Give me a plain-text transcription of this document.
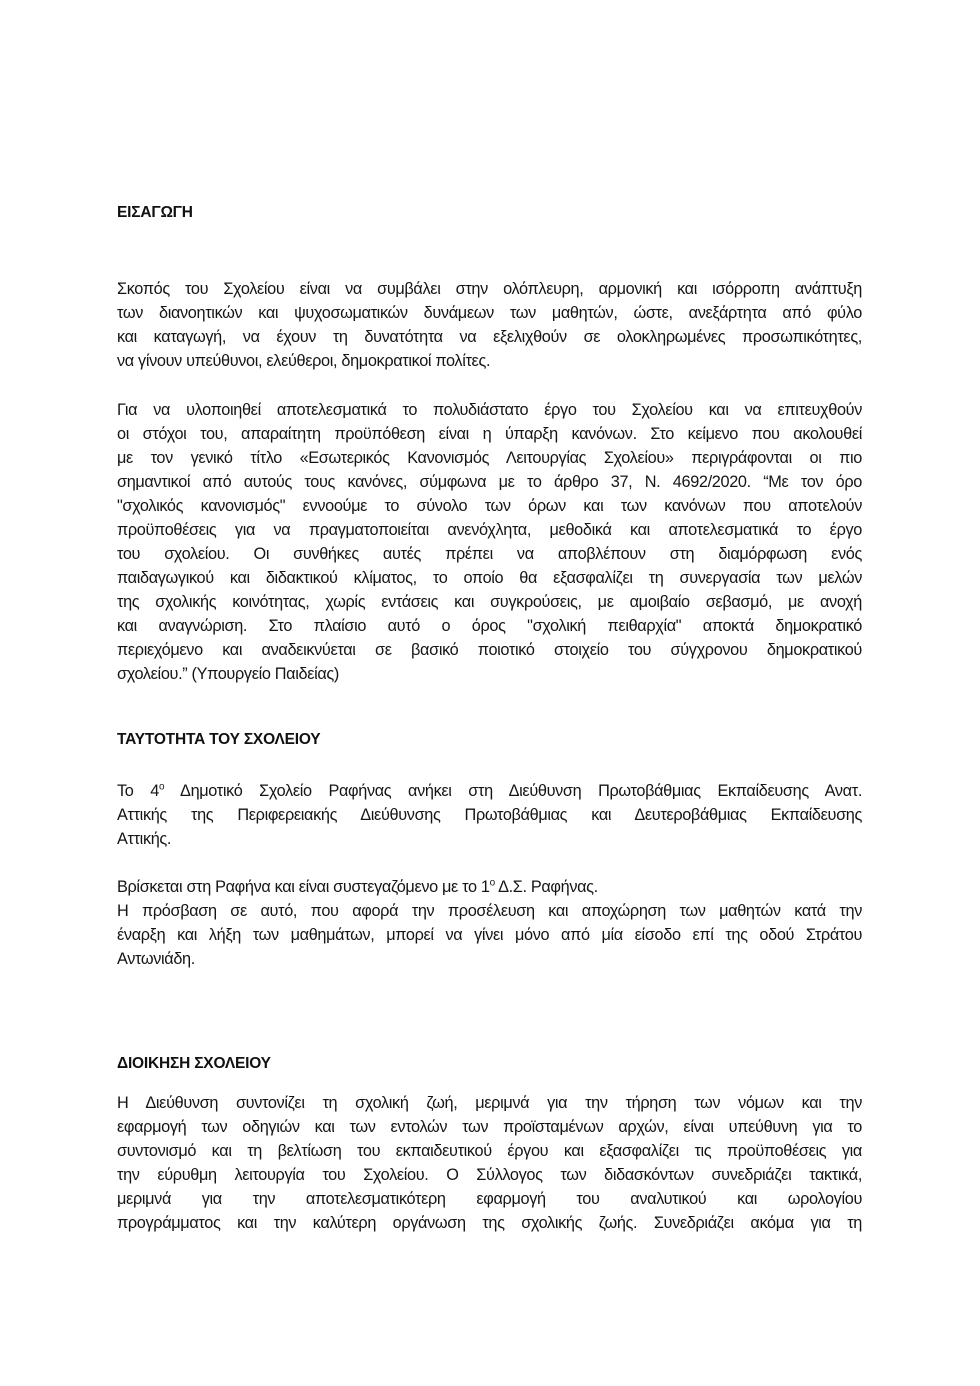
ΕΙΣΑΓΩΓΗ
Σκοπός του Σχολείου είναι να συμβάλει στην ολόπλευρη, αρμονική και ισόρροπη ανάπτυξη
των διανοητικών και ψυχοσωματικών δυνάμεων των μαθητών, ώστε, ανεξάρτητα από φύλο
και καταγωγή, να έχουν τη δυνατότητα να εξελιχθούν σε ολοκληρωμένες προσωπικότητες,
να γίνουν υπεύθυνοι, ελεύθεροι, δημοκρατικοί πολίτες.
Για να υλοποιηθεί αποτελεσματικά το πολυδιάστατο έργο του Σχολείου και να επιτευχθούν
οι στόχοι του, απαραίτητη προϋπόθεση είναι η ύπαρξη κανόνων. Στο κείμενο που ακολουθεί
με τον γενικό τίτλο «Εσωτερικός Κανονισμός Λειτουργίας Σχολείου» περιγράφονται οι πιο
σημαντικοί από αυτούς τους κανόνες, σύμφωνα με το άρθρο 37, Ν. 4692/2020. “Με τον όρο
"σχολικός κανονισμός" εννοούμε το σύνολο των όρων και των κανόνων που αποτελούν
προϋποθέσεις για να πραγματοποιείται ανενόχλητα, μεθοδικά και αποτελεσματικά το έργο
του σχολείου. Οι συνθήκες αυτές πρέπει να αποβλέπουν στη διαμόρφωση ενός
παιδαγωγικού και διδακτικού κλίματος, το οποίο θα εξασφαλίζει τη συνεργασία των μελών
της σχολικής κοινότητας, χωρίς εντάσεις και συγκρούσεις, με αμοιβαίο σεβασμό, με ανοχή
και αναγνώριση. Στο πλαίσιο αυτό ο όρος "σχολική πειθαρχία" αποκτά δημοκρατικό
περιεχόμενο και αναδεικνύεται σε βασικό ποιοτικό στοιχείο του σύγχρονου δημοκρατικού
σχολείου.” (Υπουργείο Παιδείας)
ΤΑΥΤΟΤΗΤΑ ΤΟΥ ΣΧΟΛΕΙΟΥ
Το $4^o$ Δημοτικό Σχολείο Ραφήνας ανήκει στη Διεύθυνση Πρωτοβάθμιας Εκπαίδευσης Ανατ.
Αττικής της Περιφερειακής Διεύθυνσης Πρωτοβάθμιας και Δευτεροβάθμιας Εκπαίδευσης
Αττικής.
Βρίσκεται στη Ραφήνα και είναι συστεγαζόμενο με το $1^o$ Δ.Σ. Ραφήνας.
Η πρόσβαση σε αυτό, που αφορά την προσέλευση και αποχώρηση των μαθητών κατά την
έναρξη και λήξη των μαθημάτων, μπορεί να γίνει μόνο από μία είσοδο επί της οδού Στράτου
Αντωνιάδη.
ΔΙΟΙΚΗΣΗ ΣΧΟΛΕΙΟΥ
Η Διεύθυνση συντονίζει τη σχολική ζωή, μεριμνά για την τήρηση των νόμων και την
εφαρμογή των οδηγιών και των εντολών των προϊσταμένων αρχών, είναι υπεύθυνη για το
συντονισμό και τη βελτίωση του εκπαιδευτικού έργου και εξασφαλίζει τις προϋποθέσεις για
την εύρυθμη λειτουργία του Σχολείου. Ο Σύλλογος των διδασκόντων συνεδριάζει τακτικά,
μεριμνά για την αποτελεσματικότερη εφαρμογή του αναλυτικού και ωρολογίου
προγράμματος και την καλύτερη οργάνωση της σχολικής ζωής. Συνεδριάζει ακόμα για τη
